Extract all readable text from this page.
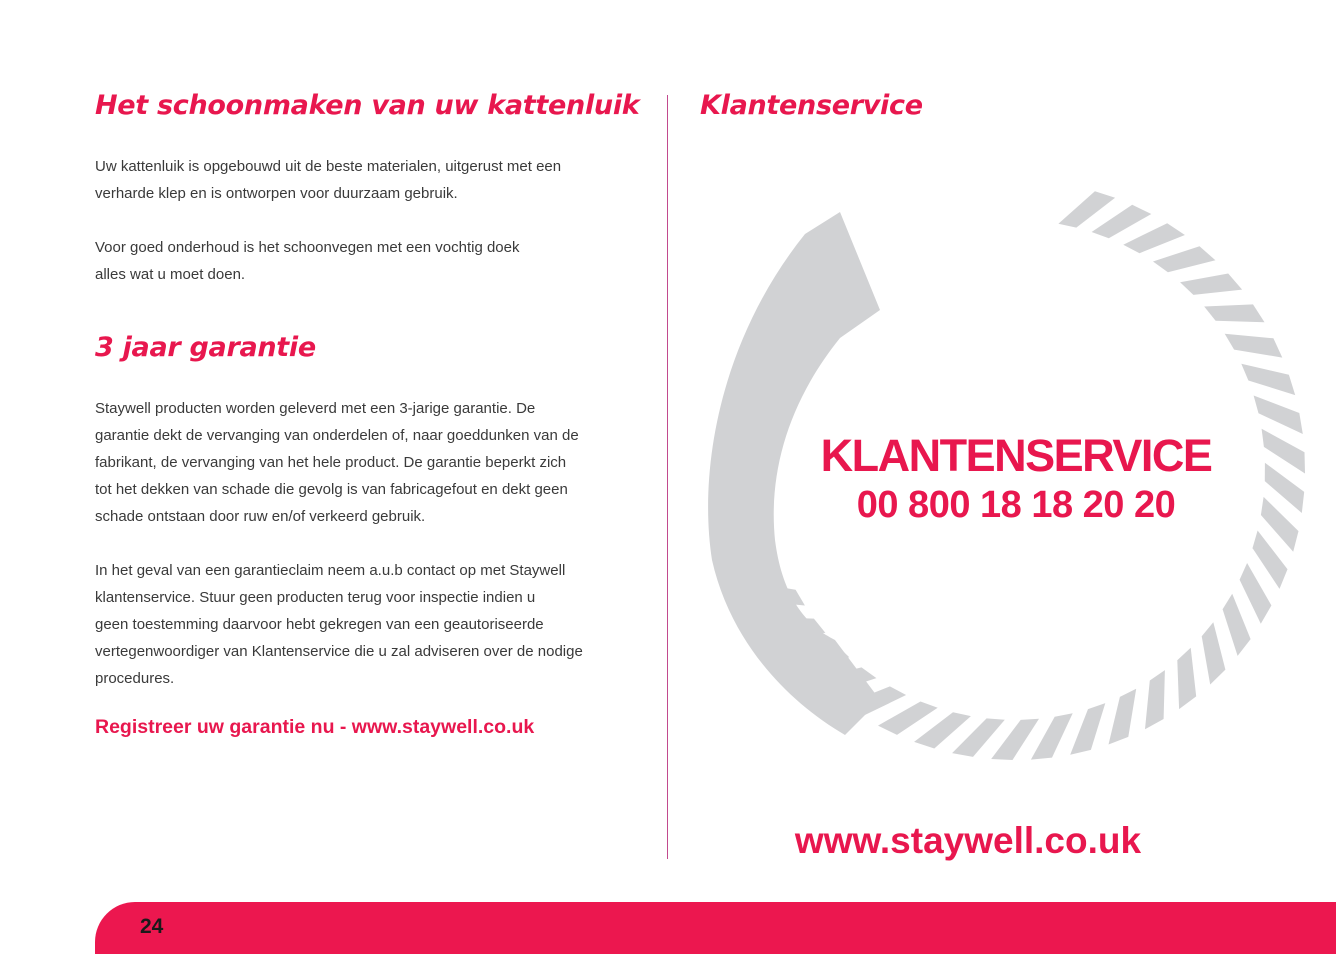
Het schoonmaken van uw kattenluik

Uw kattenluik is opgebouwd uit de beste materialen, uitgerust met een
verharde klep en is ontworpen voor duurzaam gebruik.

Voor goed onderhoud is het schoonvegen met een vochtig doek
alles wat u moet doen.

3 jaar garantie

Staywell producten worden geleverd met een 3-jarige garantie. De
garantie dekt de vervanging van onderdelen of, naar goeddunken van de
fabrikant, de vervanging van het hele product. De garantie beperkt zich
tot het dekken van schade die gevolg is van fabricagefout en dekt geen
schade ontstaan door ruw en/of verkeerd gebruik.

In het geval van een garantieclaim neem a.u.b contact op met Staywell
klantenservice. Stuur geen producten terug voor inspectie indien u
geen toestemming daarvoor hebt gekregen van een geautoriseerde
vertegenwoordiger van Klantenservice die u zal adviseren over de nodige
procedures.

Registreer uw garantie nu - www.staywell.co.uk

Klantenservice

KLANTENSERVICE

00 800 18 18 20 20

www.staywell.co.uk

24
